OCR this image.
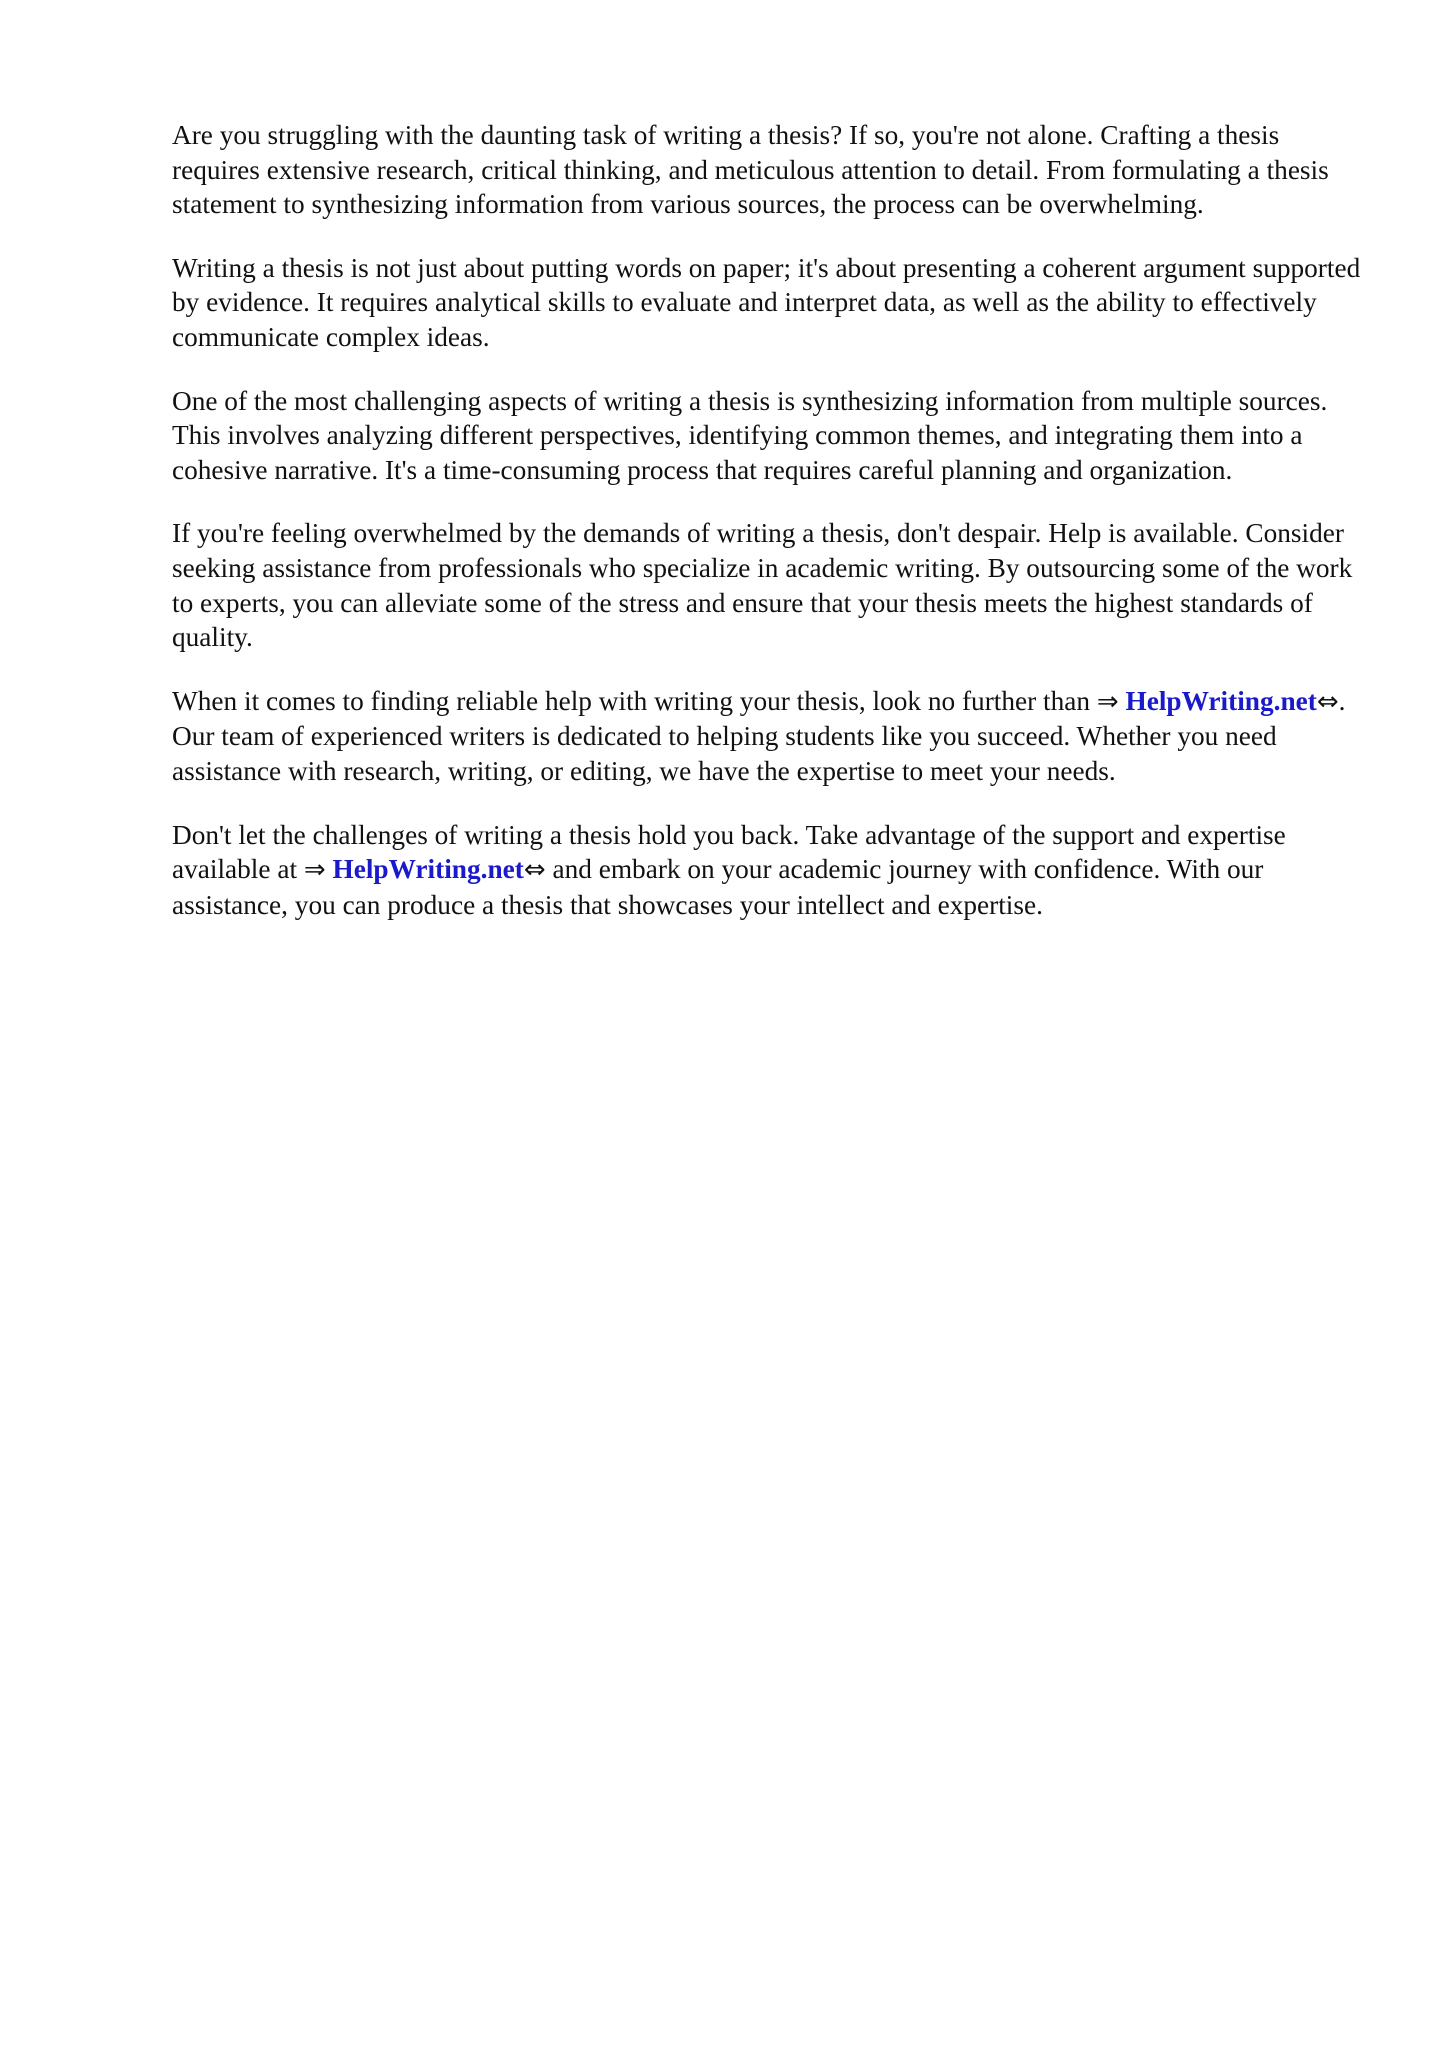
Are you struggling with the daunting task of writing a thesis? If so, you're not alone. Crafting a thesis requires extensive research, critical thinking, and meticulous attention to detail. From formulating a thesis statement to synthesizing information from various sources, the process can be overwhelming.

Writing a thesis is not just about putting words on paper; it's about presenting a coherent argument supported by evidence. It requires analytical skills to evaluate and interpret data, as well as the ability to effectively communicate complex ideas.

One of the most challenging aspects of writing a thesis is synthesizing information from multiple sources. This involves analyzing different perspectives, identifying common themes, and integrating them into a cohesive narrative. It's a time-consuming process that requires careful planning and organization.

If you're feeling overwhelmed by the demands of writing a thesis, don't despair. Help is available. Consider seeking assistance from professionals who specialize in academic writing. By outsourcing some of the work to experts, you can alleviate some of the stress and ensure that your thesis meets the highest standards of quality.

When it comes to finding reliable help with writing your thesis, look no further than ⇒ HelpWriting.net⇔. Our team of experienced writers is dedicated to helping students like you succeed. Whether you need assistance with research, writing, or editing, we have the expertise to meet your needs.

Don't let the challenges of writing a thesis hold you back. Take advantage of the support and expertise available at ⇒ HelpWriting.net⇔ and embark on your academic journey with confidence. With our assistance, you can produce a thesis that showcases your intellect and expertise.
